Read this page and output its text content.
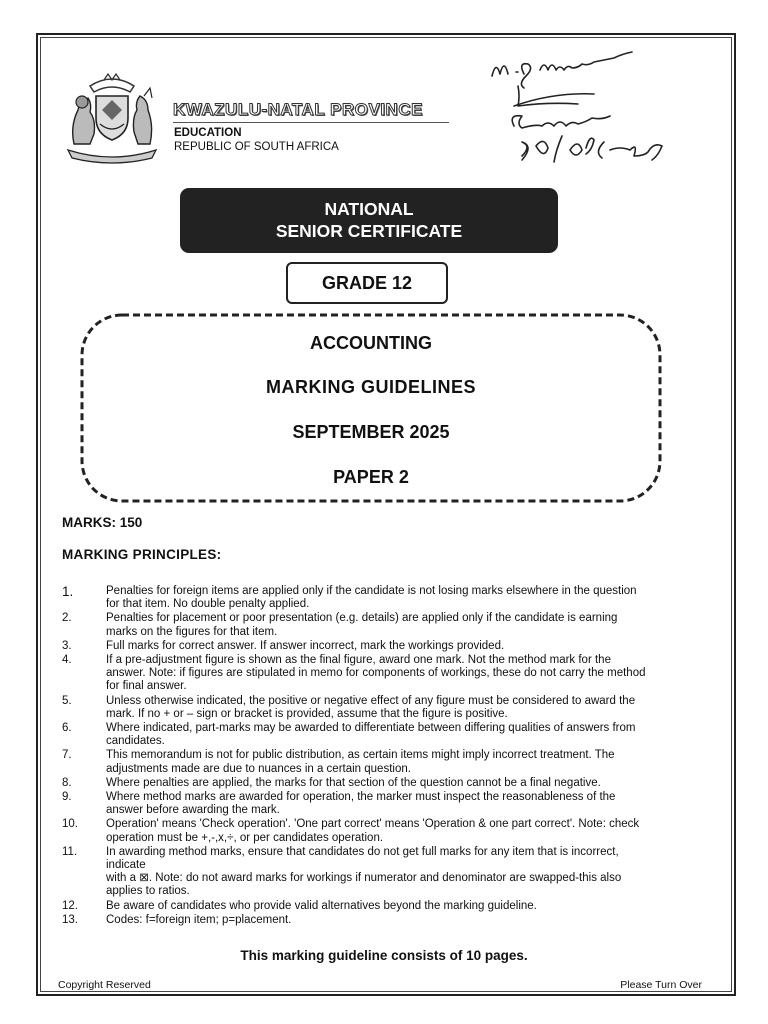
KWAZULU-NATAL PROVINCE
EDUCATION
REPUBLIC OF SOUTH AFRICA
M·G MANISO
NATIONAL
SENIOR CERTIFICATE
GRADE 12
ACCOUNTING
MARKING GUIDELINES
SEPTEMBER 2025
PAPER 2
MARKS: 150
MARKING PRINCIPLES:
1.	Penalties for foreign items are applied only if the candidate is not losing marks elsewhere in the question
for that item. No double penalty applied.
2.	Penalties for placement or poor presentation (e.g. details) are applied only if the candidate is earning
marks on the figures for that item.
3.	Full marks for correct answer. If answer incorrect, mark the workings provided.
4.	If a pre-adjustment figure is shown as the final figure, award one mark. Not the method mark for the
answer. Note: if figures are stipulated in memo for components of workings, these do not carry the method
for final answer.
5.	Unless otherwise indicated, the positive or negative effect of any figure must be considered to award the
mark. If no + or – sign or bracket is provided, assume that the figure is positive.
6.	Where indicated, part-marks may be awarded to differentiate between differing qualities of answers from
candidates.
7.	This memorandum is not for public distribution, as certain items might imply incorrect treatment. The
adjustments made are due to nuances in a certain question.
8.	Where penalties are applied, the marks for that section of the question cannot be a final negative.
9.	Where method marks are awarded for operation, the marker must inspect the reasonableness of the
answer before awarding the mark.
10.	Operation' means 'Check operation'. 'One part correct' means 'Operation & one part correct'. Note: check
operation must be +,-,x,÷, or per candidates operation.
11.	In awarding method marks, ensure that candidates do not get full marks for any item that is incorrect,
indicate
with a ⊠. Note: do not award marks for workings if numerator and denominator are swapped-this also
applies to ratios.
12.	Be aware of candidates who provide valid alternatives beyond the marking guideline.
13.	Codes: f=foreign item; p=placement.
This marking guideline consists of 10 pages.
Copyright Reserved	Please Turn Over
